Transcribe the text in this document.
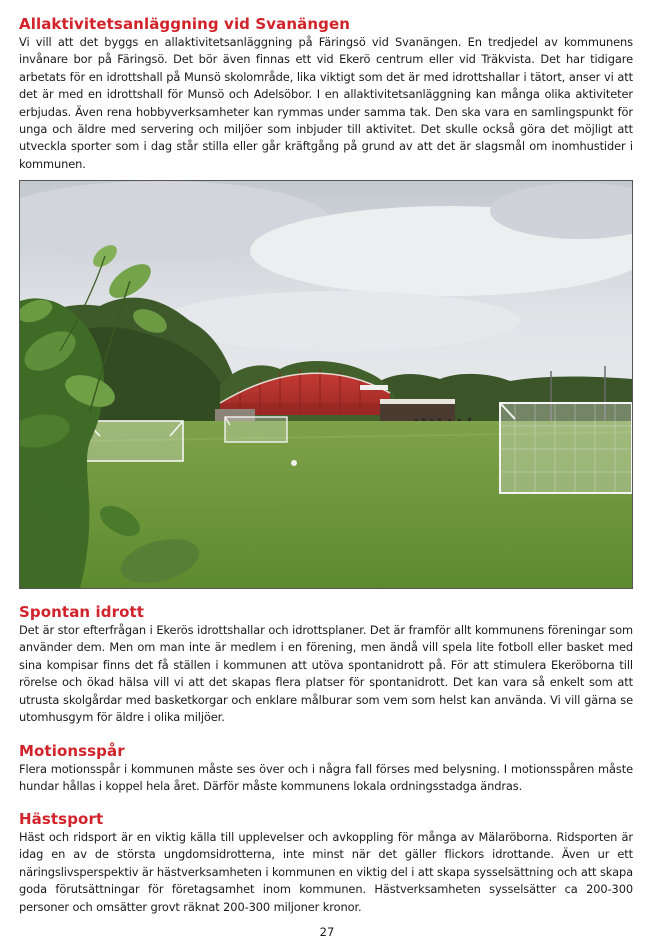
Allaktivitetsanläggning vid Svanängen

Vi vill att det byggs en allaktivitetsanläggning på Färingsö vid Svanängen. En tredjedel av kommunens invånare bor på Färingsö. Det bör även finnas ett vid Ekerö centrum eller vid Träkvista. Det har tidigare arbetats för en idrottshall på Munsö skolområde, lika viktigt som det är med idrottshallar i tätort, anser vi att det är med en idrottshall för Munsö och Adelsöbor. I en allaktivitetsanläggning kan många olika aktiviteter erbjudas. Även rena hobbyverksamheter kan rymmas under samma tak. Den ska vara en samlingspunkt för unga och äldre med servering och miljöer som inbjuder till aktivitet. Det skulle också göra det möjligt att utveckla sporter som i dag står stilla eller går kräftgång på grund av att det är slagsmål om inomhustider i kommunen.

Spontan idrott

Det är stor efterfrågan i Ekerös idrottshallar och idrottsplaner. Det är framför allt kommunens föreningar som använder dem. Men om man inte är medlem i en förening, men ändå vill spela lite fotboll eller basket med sina kompisar finns det få ställen i kommunen att utöva spontanidrott på. För att stimulera Ekeröborna till rörelse och ökad hälsa vill vi att det skapas flera platser för spontanidrott. Det kan vara så enkelt som att utrusta skolgårdar med basketkorgar och enklare målburar som vem som helst kan använda. Vi vill gärna se utomhusgym för äldre i olika miljöer.

Motionsspår

Flera motionsspår i kommunen måste ses över och i några fall förses med belysning. I motionsspåren måste hundar hållas i koppel hela året. Därför måste kommunens lokala ordningsstadga ändras.

Hästsport

Häst och ridsport är en viktig källa till upplevelser och avkoppling för många av Mälaröborna. Ridsporten är idag en av de största ungdomsidrotterna, inte minst när det gäller flickors idrottande. Även ur ett näringslivsperspektiv är hästverksamheten i kommunen en viktig del i att skapa sysselsättning och att skapa goda förutsättningar för företagsamhet inom kommunen. Hästverksamheten sysselsätter ca 200-300 personer och omsätter grovt räknat 200-300 miljoner kronor.

27
